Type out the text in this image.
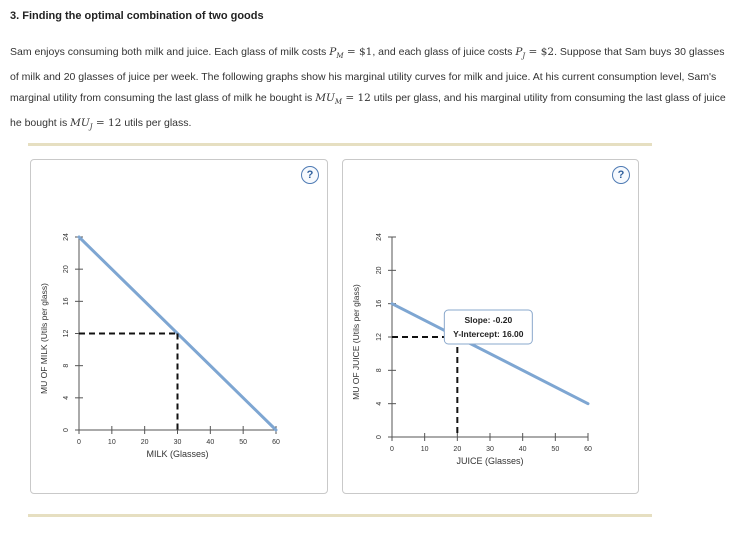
3. Finding the optimal combination of two goods
Sam enjoys consuming both milk and juice. Each glass of milk costs $P_M$ = $1, and each glass of juice costs $P_J$ = $2. Suppose that Sam buys 30 glasses of milk and 20 glasses of juice per week. The following graphs show his marginal utility curves for milk and juice. At his current consumption level, Sam's marginal utility from consuming the last glass of milk he bought is $MU_M = 12$ utils per glass, and his marginal utility from consuming the last glass of juice he bought is $MU_J = 12$ utils per glass.
?
0
4
8
12
16
20
24
0	10	20	30	40	50	60
MILK (Glasses)
MU OF MILK (Utils per glass)
?
0
4
8
12
16
20
24
0	10	20	30	40	50	60
JUICE (Glasses)
MU OF JUICE (Utils per glass)	Slope: -0.20
Y-Intercept: 16.00
